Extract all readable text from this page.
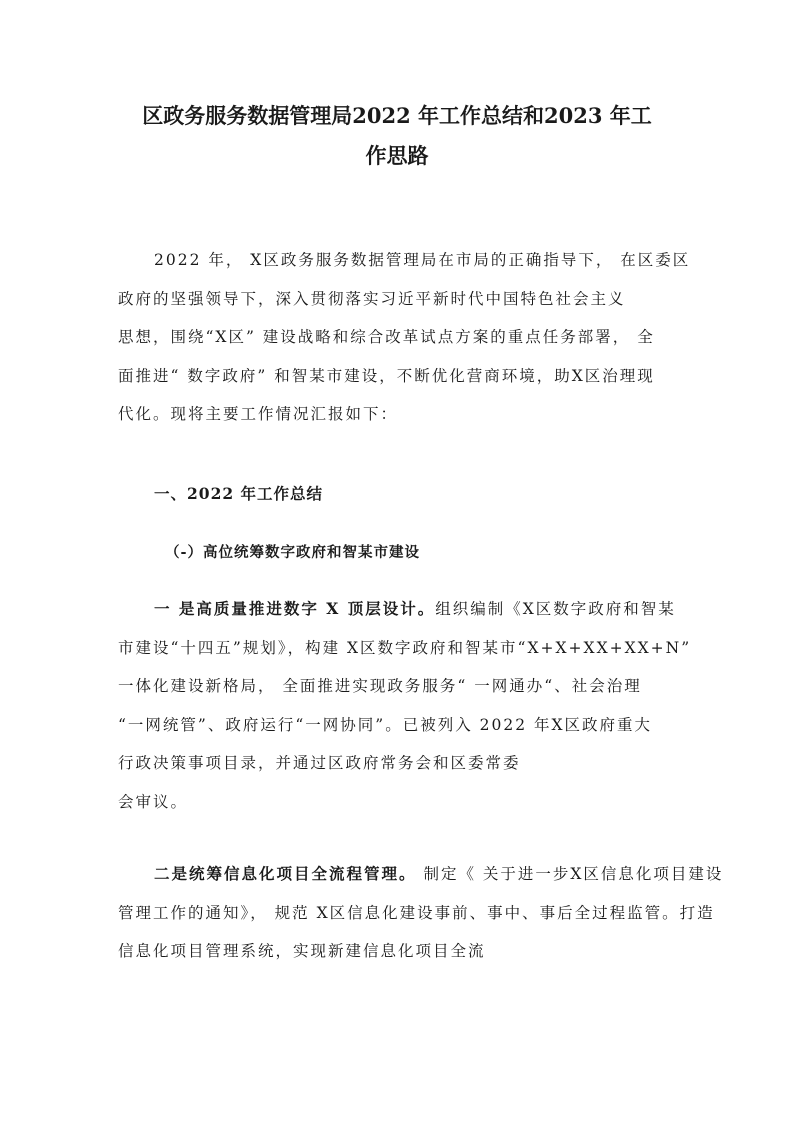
区政务服务数据管理局2022 年工作总结和2023 年工
作思路

2022 年， X区政务服务数据管理局在市局的正确指导下， 在区委区

政府的坚强领导下，深入贯彻落实习近平新时代中国特色社会主义

思想，围绕“X区” 建设战略和综合改革试点方案的重点任务部署， 全

面推进“ 数字政府” 和智某市建设，不断优化营商环境，助X区治理现

代化。现将主要工作情况汇报如下：

一、2022 年工作总结
（-）高位统筹数字政府和智某市建设

一 是高质量推进数字 X 顶层设计。组织编制《X区数字政府和智某

市建设“十四五”规划》，构建 X区数字政府和智某市“X+X+XX+XX+N”

一体化建设新格局， 全面推进实现政务服务“ 一网通办“、社会治理

“一网统管”、政府运行“一网协同”。已被列入 2022 年X区政府重大

行政决策事项目录，并通过区政府常务会和区委常委

会审议。

二是统筹信息化项目全流程管理。 制定《 关于进一步X区信息化项目建设

管理工作的通知》， 规范 X区信息化建设事前、事中、事后全过程监管。打造

信息化项目管理系统，实现新建信息化项目全流
